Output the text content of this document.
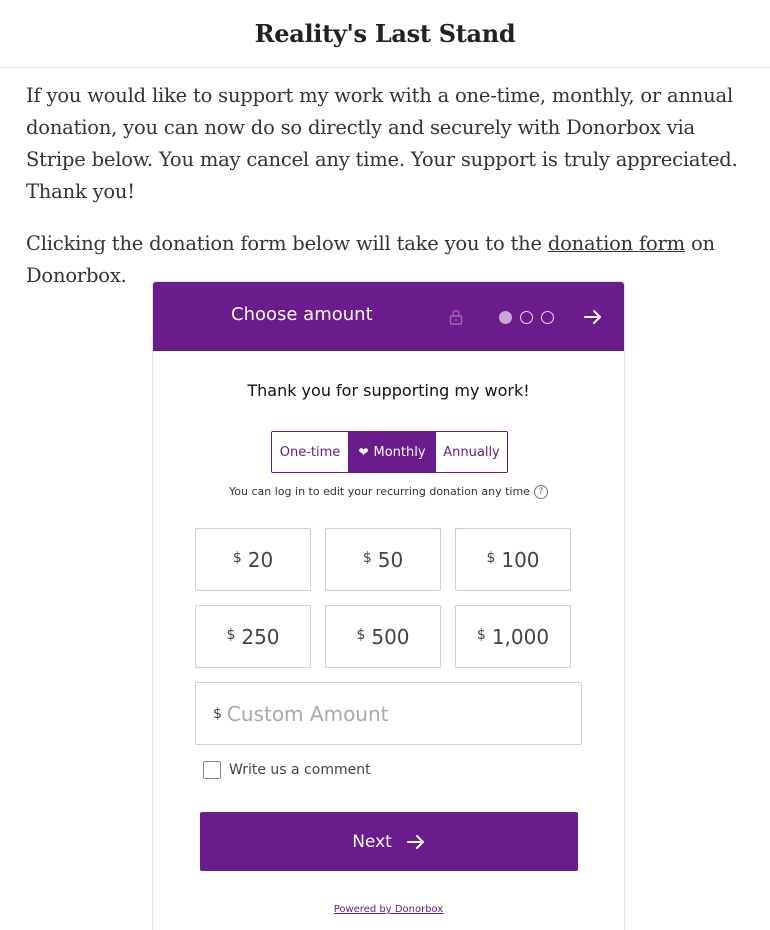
Reality's Last Stand

If you would like to support my work with a one-time, monthly, or annual donation, you can now do so directly and securely with Donorbox via Stripe below. You may cancel any time. Your support is truly appreciated. Thank you!

Clicking the donation form below will take you to the donation form on Donorbox.

Choose amount
Thank you for supporting my work!
One-time	❤ Monthly	Annually
You can log in to edit your recurring donation any time ?
$ 20	$ 50	$ 100
$ 250	$ 500	$ 1,000
$
Custom Amount
Write us a comment
Next
Powered by Donorbox
